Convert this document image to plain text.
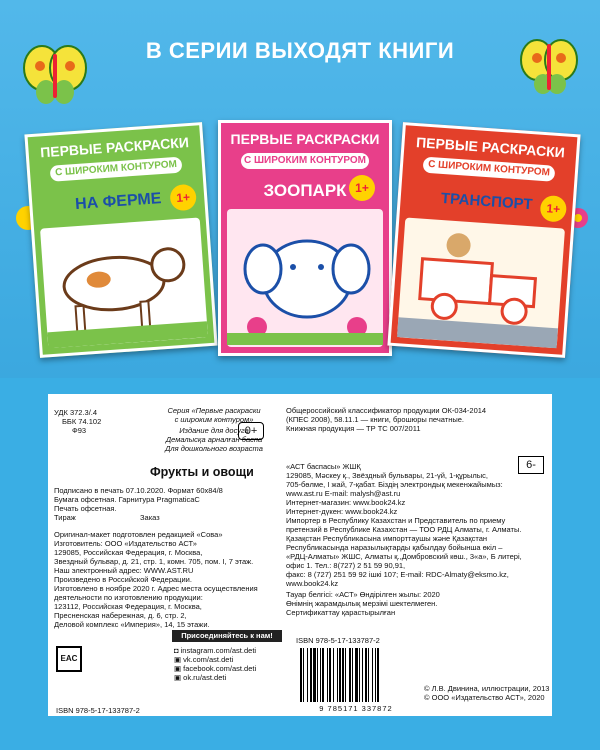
В СЕРИИ ВЫХОДЯТ КНИГИ
ПЕРВЫЕ РАСКРАСКИ
С ШИРОКИМ КОНТУРОМ
НА ФЕРМЕ	1+
ПЕРВЫЕ РАСКРАСКИ
С ШИРОКИМ КОНТУРОМ
ЗООПАРК 1+
ПЕРВЫЕ РАСКРАСКИ
С ШИРОКИМ КОНТУРОМ
ТРАНСПОРТ	1+
УДК 372.3/.4
ББК 74.102
Ф93
Серия «Первые раскраски
с широким контуром»
Издание для досуга
Демалысқа арналған баспа
Для дошкольного возраста
0+
Фрукты и овощи
Подписано в печать 07.10.2020. Формат 60x84/8
Бумага офсетная. Гарнитура PragmaticaC
Печать офсетная.
Тираж	Заказ
Оригинал-макет подготовлен редакцией «Сова»
Изготовитель: ООО «Издательство АСТ»
129085, Российская Федерация, г. Москва,
Звездный бульвар, д. 21, стр. 1, комн. 705, пом. I, 7 этаж.
Наш электронный адрес: WWW.AST.RU
Произведено в Российской Федерации.
Изготовлено в ноябре 2020 г. Адрес места осуществления
деятельности по изготовлению продукции:
123112, Российская Федерация, г. Москва,
Пресненская набережная, д. 6, стр. 2,
Деловой комплекс «Империя», 14, 15 этажи.
Общероссийский классификатор продукции ОК-034-2014
(КПЕС 2008), 58.11.1 — книги, брошюры печатные.
Книжная продукция — ТР ТС 007/2011
6-
«АСТ баспасы» ЖШҚ
129085, Мәскеу қ., Звёздный бульвары, 21-үй, 1-құрылыс,
705-бөлме, I жай, 7-қабат. Біздің электрондық мекенжайымыз:
www.ast.ru E-mail: malysh@ast.ru
Интернет-магазин: www.book24.kz
Интернет-дүкен: www.book24.kz
Импортер в Республику Казахстан и Представитель по приему
претензий в Республике Казахстан — ТОО РДЦ Алматы, г. Алматы.
Қазақстан Республикасына импорттаушы және Қазақстан
Республикасында наразылықтарды қабылдау бойынша өкіл –
«РДЦ-Алматы» ЖШС, Алматы қ.,Домбровский көш., 3«а», Б литері,
офис 1. Тел.: 8(727) 2 51 59 90,91,
факс: 8 (727) 251 59 92 ішкі 107; E-mail: RDC-Almaty@eksmo.kz,
www.book24.kz
Тауар белгісі: «АСТ» Өндірілген жылы: 2020
Өнімнің жарамдылық мерзімі шектелмеген.
Сертификаттау қарастырылған
EAC
ISBN 978-5-17-133787-2
Присоединяйтесь к нам!
◘ instagram.com/ast.deti
▣ vk.com/ast.deti
▣ facebook.com/ast.deti
▣ ok.ru/ast.deti
ISBN 978-5-17-133787-2
9 785171 337872
© Л.В. Двинина, иллюстрации, 2013
© ООО «Издательство АСТ», 2020
